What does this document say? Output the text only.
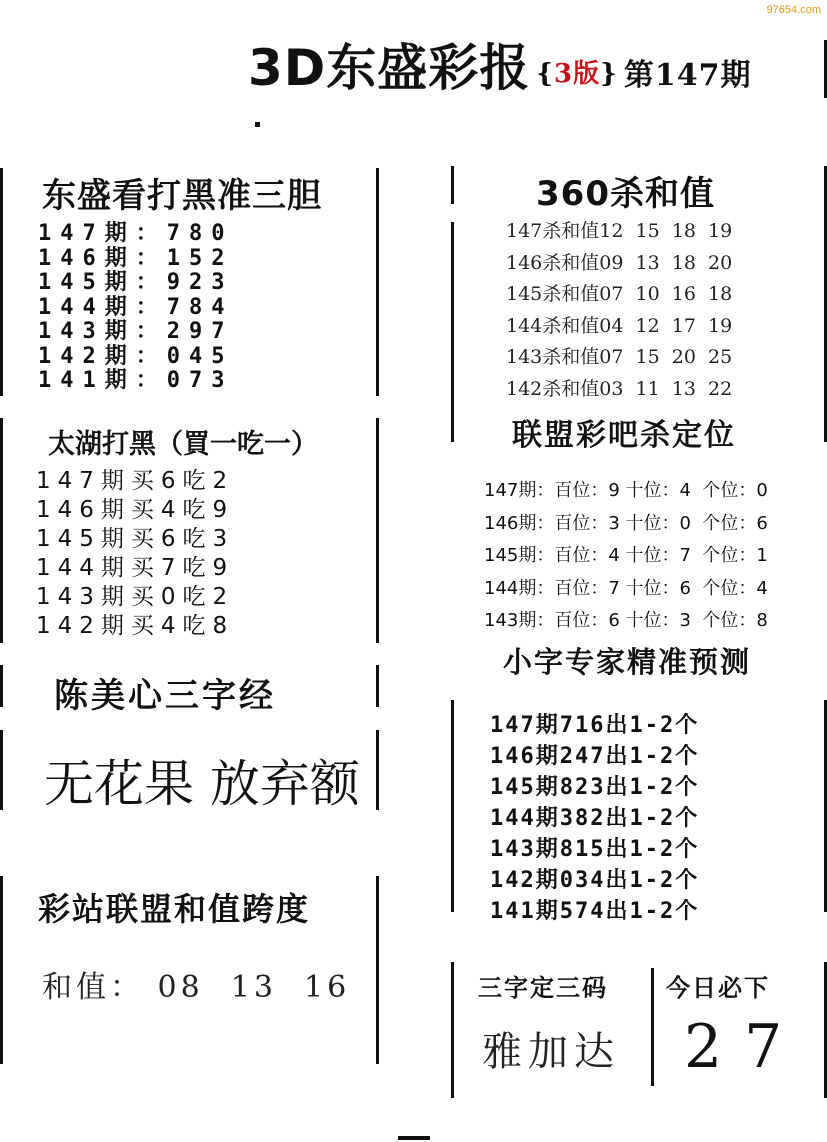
97654.com
3D东盛彩报 {3版} 第147期
东盛看打黑准三胆
147期：780
146期：152
145期：923
144期：784
143期：297
142期：045
141期：073
太湖打黑（買一吃一）
147期买6吃2
146期买4吃9
145期买6吃3
144期买7吃9
143期买0吃2
142期买4吃8
陈美心三字经
无花果 放弃额
彩站联盟和值跨度
和值： 08  13  16
360杀和值
147杀和值12  15  18  19
146杀和值09  13  18  20
145杀和值07  10  16  18
144杀和值04  12  17  19
143杀和值07  15  20  25
142杀和值03  11  13  22
联盟彩吧杀定位
147期：百位：9 十位：4  个位：0
146期：百位：3 十位：0  个位：6
145期：百位：4 十位：7  个位：1
144期：百位：7 十位：6  个位：4
143期：百位：6 十位：3  个位：8
小字专家精准预测
147期716出1-2个
146期247出1-2个
145期823出1-2个
144期382出1-2个
143期815出1-2个
142期034出1-2个
141期574出1-2个
三字定三码
雅加达
今日必下
27
